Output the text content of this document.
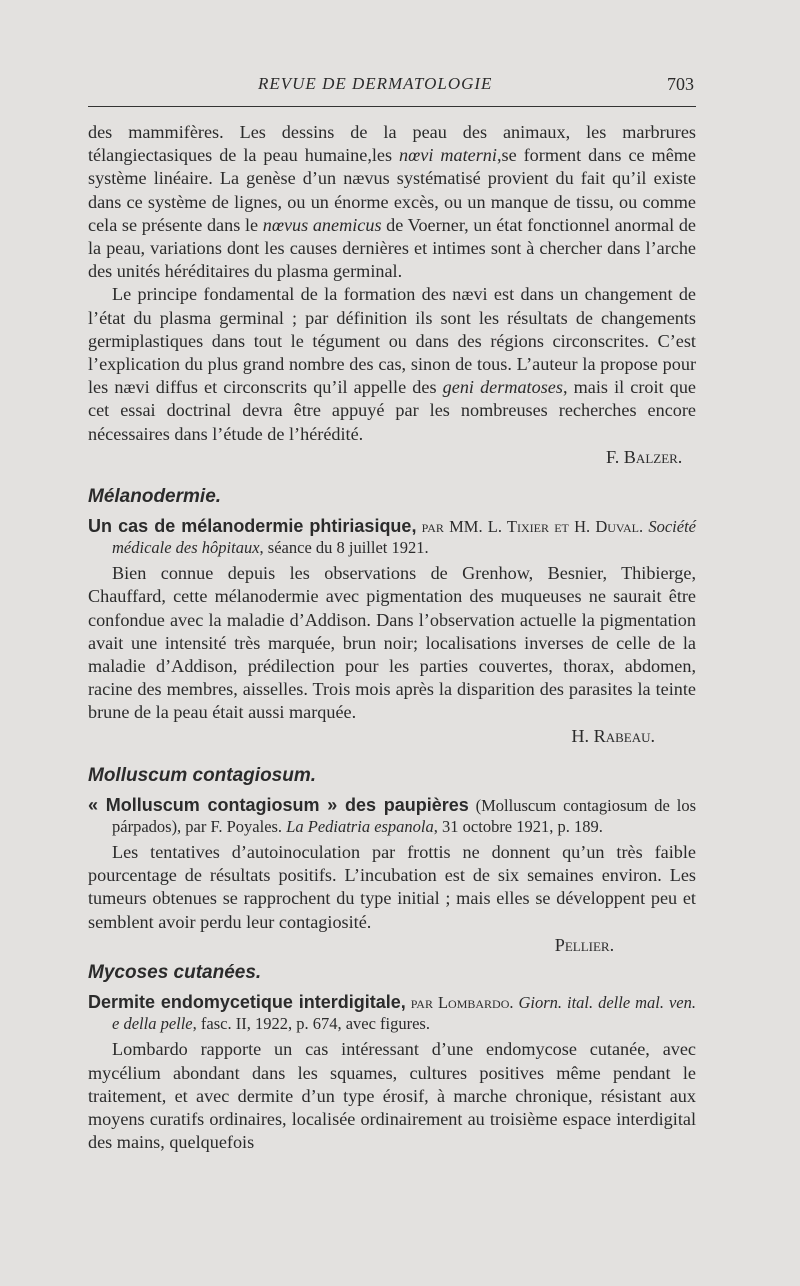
REVUE DE DERMATOLOGIE	703

des mammifères. Les dessins de la peau des animaux, les marbrures télangiectasiques de la peau humaine,les nœvi materni,se forment dans ce même système linéaire. La genèse d’un nævus systématisé provient du fait qu’il existe dans ce système de lignes, ou un énorme excès, ou un manque de tissu, ou comme cela se présente dans le nœvus anemicus de Voerner, un état fonctionnel anormal de la peau, variations dont les causes dernières et intimes sont à chercher dans l’arche des unités héréditaires du plasma germinal.

Le principe fondamental de la formation des nævi est dans un changement de l’état du plasma germinal ; par définition ils sont les résultats de changements germiplastiques dans tout le tégument ou dans des régions circonscrites. C’est l’explication du plus grand nombre des cas, sinon de tous. L’auteur la propose pour les nævi diffus et circonscrits qu’il appelle des geni dermatoses, mais il croit que cet essai doctrinal devra être appuyé par les nombreuses recherches encore nécessaires dans l’étude de l’hérédité.

F. Balzer.

Mélanodermie.

Un cas de mélanodermie phtiriasique, par MM. L. Tixier et H. Duval. Société médicale des hôpitaux, séance du 8 juillet 1921.

Bien connue depuis les observations de Grenhow, Besnier, Thibierge, Chauffard, cette mélanodermie avec pigmentation des muqueuses ne saurait être confondue avec la maladie d’Addison. Dans l’observation actuelle la pigmentation avait une intensité très marquée, brun noir; localisations inverses de celle de la maladie d’Addison, prédilection pour les parties couvertes, thorax, abdomen, racine des membres, aisselles. Trois mois après la disparition des parasites la teinte brune de la peau était aussi marquée.

H. Rabeau.

Molluscum contagiosum.

« Molluscum contagiosum » des paupières (Molluscum contagiosum de los párpados), par F. Poyales. La Pediatria espanola, 31 octobre 1921, p. 189.

Les tentatives d’autoinoculation par frottis ne donnent qu’un très faible pourcentage de résultats positifs. L’incubation est de six semaines environ. Les tumeurs obtenues se rapprochent du type initial ; mais elles se développent peu et semblent avoir perdu leur contagiosité.

Pellier.

Mycoses cutanées.

Dermite endomycetique interdigitale, par Lombardo. Giorn. ital. delle mal. ven. e della pelle, fasc. II, 1922, p. 674, avec figures.

Lombardo rapporte un cas intéressant d’une endomycose cutanée, avec mycélium abondant dans les squames, cultures positives même pendant le traitement, et avec dermite d’un type érosif, à marche chronique, résistant aux moyens curatifs ordinaires, localisée ordinairement au troisième espace interdigital des mains, quelquefois
